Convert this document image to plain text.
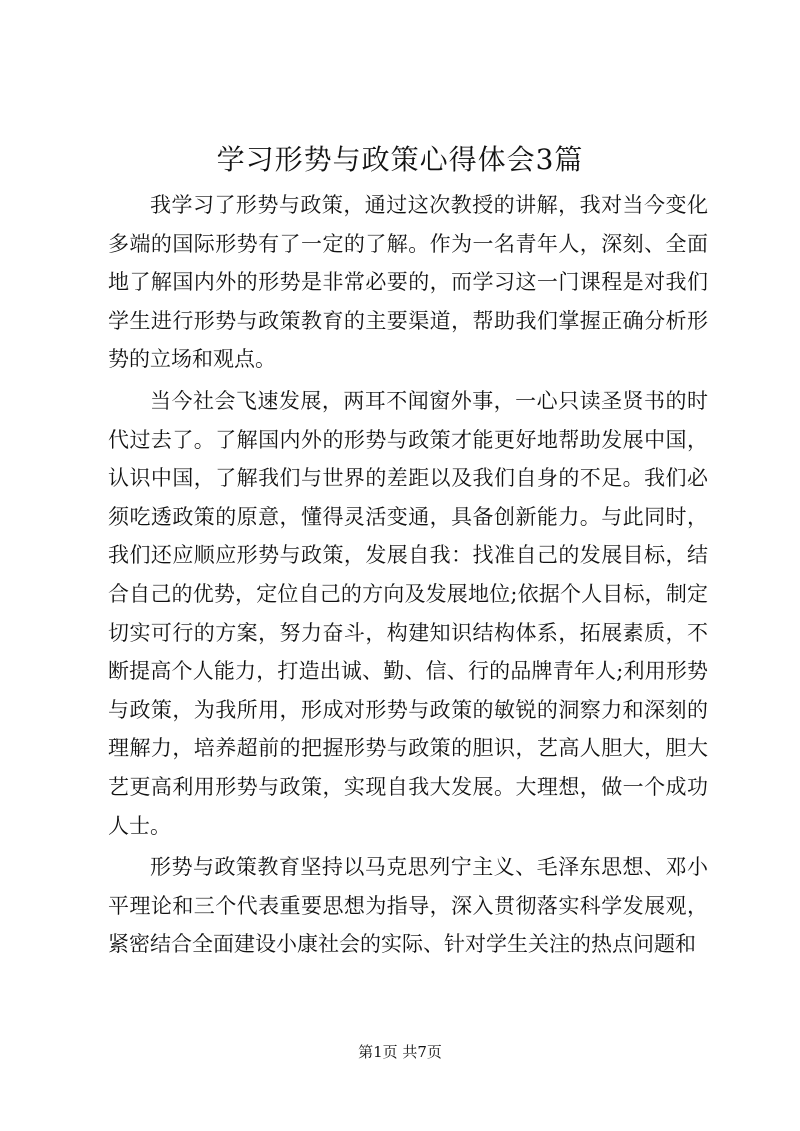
学习形势与政策心得体会3篇

我学习了形势与政策，通过这次教授的讲解，我对当今变化多端的国际形势有了一定的了解。作为一名青年人，深刻、全面地了解国内外的形势是非常必要的，而学习这一门课程是对我们学生进行形势与政策教育的主要渠道，帮助我们掌握正确分析形势的立场和观点。

当今社会飞速发展，两耳不闻窗外事，一心只读圣贤书的时代过去了。了解国内外的形势与政策才能更好地帮助发展中国，认识中国，了解我们与世界的差距以及我们自身的不足。我们必须吃透政策的原意，懂得灵活变通，具备创新能力。与此同时，我们还应顺应形势与政策，发展自我：找准自己的发展目标，结合自己的优势，定位自己的方向及发展地位;依据个人目标，制定切实可行的方案，努力奋斗，构建知识结构体系，拓展素质，不断提高个人能力，打造出诚、勤、信、行的品牌青年人;利用形势与政策，为我所用，形成对形势与政策的敏锐的洞察力和深刻的理解力，培养超前的把握形势与政策的胆识，艺高人胆大，胆大艺更高利用形势与政策，实现自我大发展。大理想，做一个成功人士。

形势与政策教育坚持以马克思列宁主义、毛泽东思想、邓小平理论和三个代表重要思想为指导，深入贯彻落实科学发展观，紧密结合全面建设小康社会的实际、针对学生关注的热点问题和

第1页 共7页
